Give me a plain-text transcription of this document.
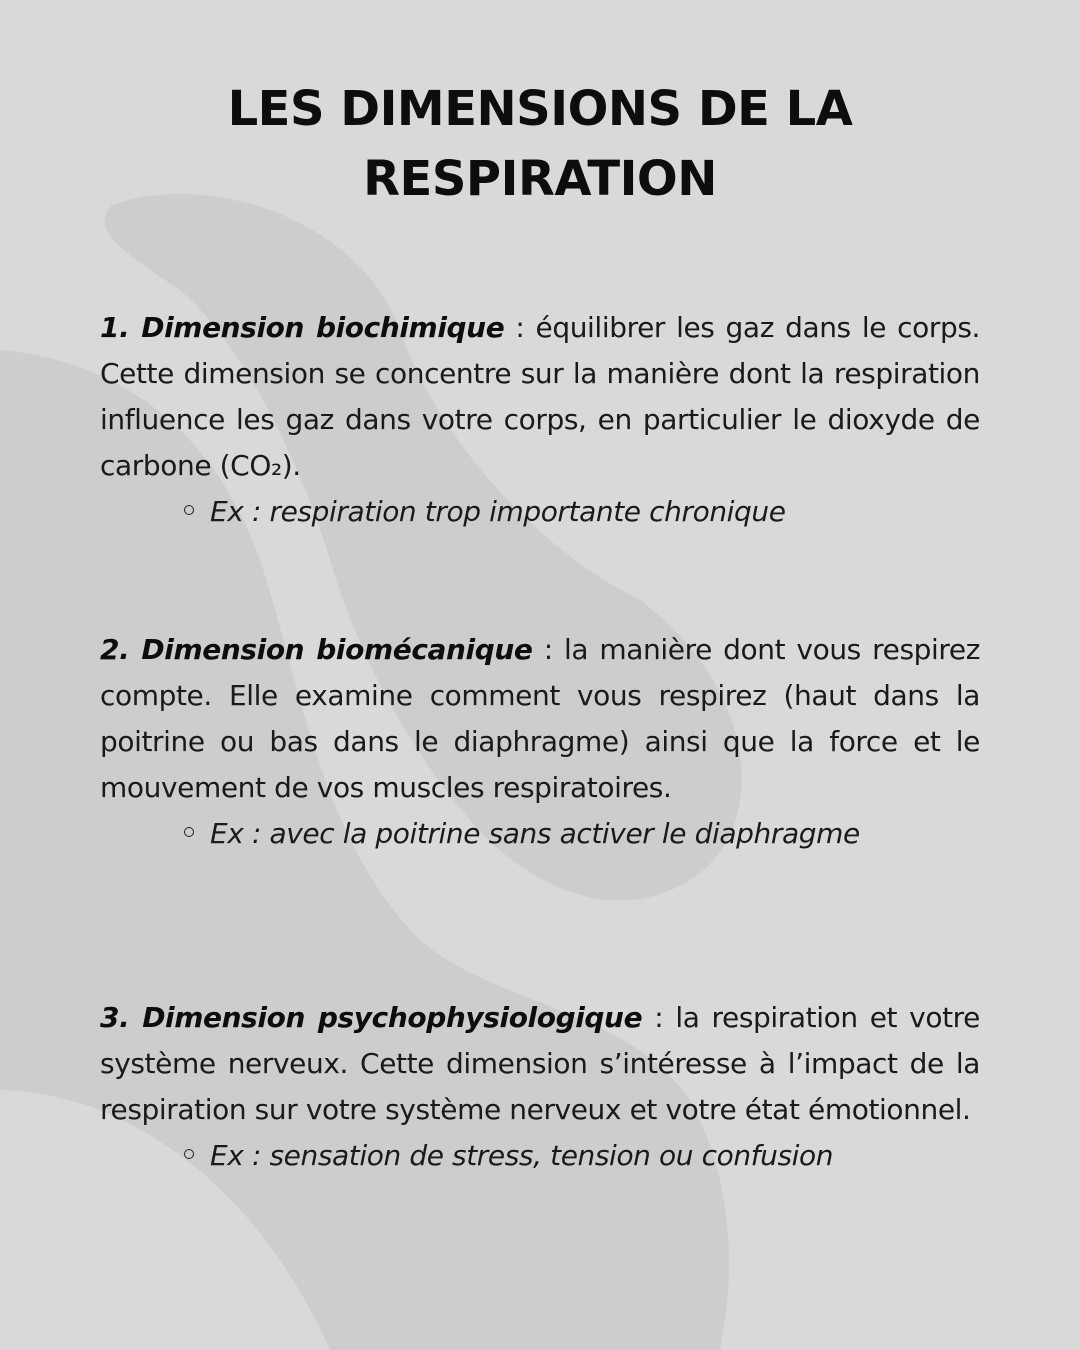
LES DIMENSIONS DE LA
RESPIRATION

1. Dimension biochimique : équilibrer les gaz dans le corps. Cette dimension se concentre sur la manière dont la respiration influence les gaz dans votre corps, en particulier le dioxyde de carbone (CO₂).

Ex : respiration trop importante chronique

2. Dimension biomécanique : la manière dont vous respirez compte. Elle examine comment vous respirez (haut dans la poitrine ou bas dans le diaphragme) ainsi que la force et le mouvement de vos muscles respiratoires.

Ex : avec la poitrine sans activer le diaphragme

3. Dimension psychophysiologique : la respiration et votre système nerveux. Cette dimension s’intéresse à l’impact de la respiration sur votre système nerveux et votre état émotionnel.

Ex : sensation de stress, tension ou confusion
